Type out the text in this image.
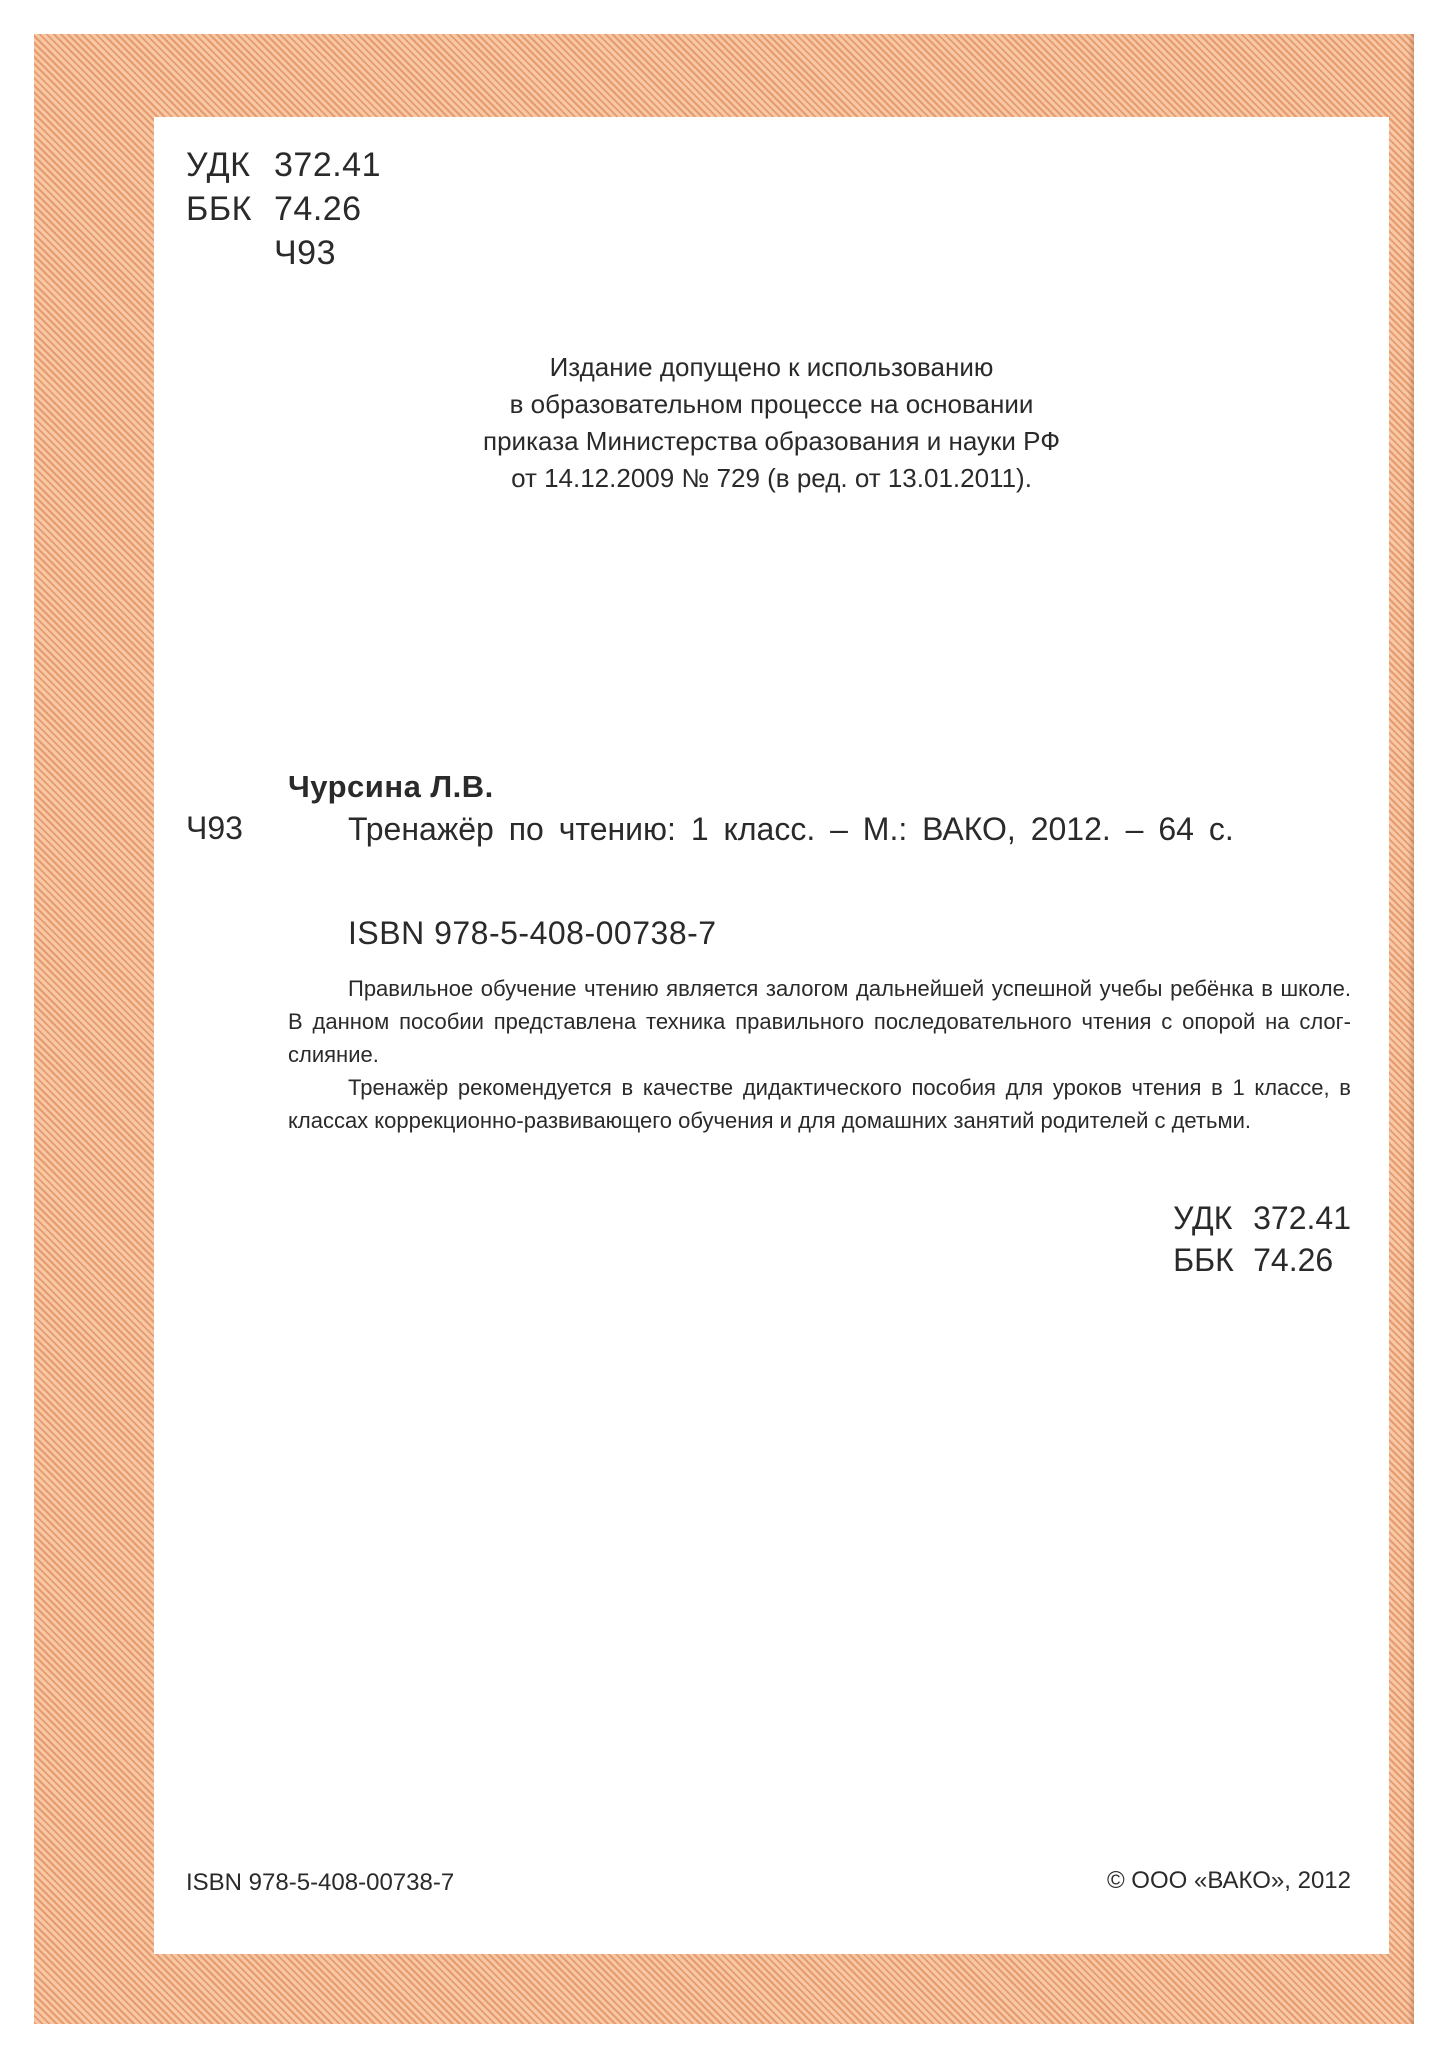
УДК 372.41
ББК 74.26
Ч93
Издание допущено к использованию
в образовательном процессе на основании
приказа Министерства образования и науки РФ
от 14.12.2009 № 729 (в ред. от 13.01.2011).
Чурсина Л.В.
Ч93	Тренажёр по чтению: 1 класс. – М.: ВАКО, 2012. – 64 с.
ISBN 978-5-408-00738-7

Правильное обучение чтению является залогом дальнейшей успешной учебы ребёнка в школе. В данном пособии представлена техника правильного последовательного чтения с опорой на слог-слияние.

Тренажёр рекомендуется в качестве дидактического пособия для уроков чтения в 1 классе, в классах коррекционно-развивающего обучения и для домашних занятий родителей с детьми.

УДК 372.41
ББК 74.26
ISBN 978-5-408-00738-7	© ООО «ВАКО», 2012
